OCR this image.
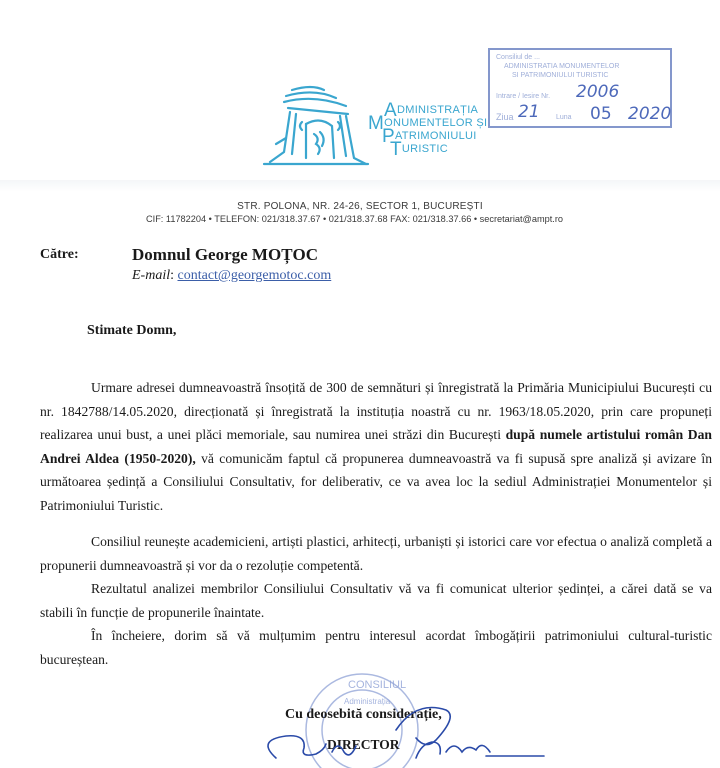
Consiliul de ...
ADMINISTRATIA MONUMENTELOR
SI PATRIMONIULUI TURISTIC
Intrare / Iesire Nr. 2006
Ziua 21 Luna 05 2020
ADMINISTRAȚIA
MONUMENTELOR ȘI
PATRIMONIULUI
TURISTIC
STR. POLONA, NR. 24-26, SECTOR 1, BUCUREȘTI
CIF: 11782204 • TELEFON: 021/318.37.67 • 021/318.37.68 FAX: 021/318.37.66 • secretariat@ampt.ro
Către:	Domnul George MOȚOC
E-mail: contact@georgemotoc.com
Stimate Domn,

Urmare adresei dumneavoastră însoțită de 300 de semnături și înregistrată la Primăria Municipiului București cu nr. 1842788/14.05.2020, direcționată și înregistrată la instituția noastră cu nr. 1963/18.05.2020, prin care propuneți realizarea unui bust, a unei plăci memoriale, sau numirea unei străzi din București după numele artistului român Dan Andrei Aldea (1950-2020), vă comunicăm faptul că propunerea dumneavoastră va fi supusă spre analiză și avizare în următoarea ședință a Consiliului Consultativ, for deliberativ, ce va avea loc la sediul Administrației Monumentelor și Patrimoniului Turistic.

Consiliul reunește academicieni, artiști plastici, arhitecți, urbaniști și istorici care vor efectua o analiză completă a propunerii dumneavoastră și vor da o rezoluție competentă.

Rezultatul analizei membrilor Consiliului Consultativ vă va fi comunicat ulterior ședinței, a cărei dată se va stabili în funcție de propunerile înaintate.

În încheiere, dorim să vă mulțumim pentru interesul acordat îmbogățirii patrimoniului cultural-turistic bucureștean.

CONSILIUL
Administrația
Cu deosebită considerație,
DIRECTOR
